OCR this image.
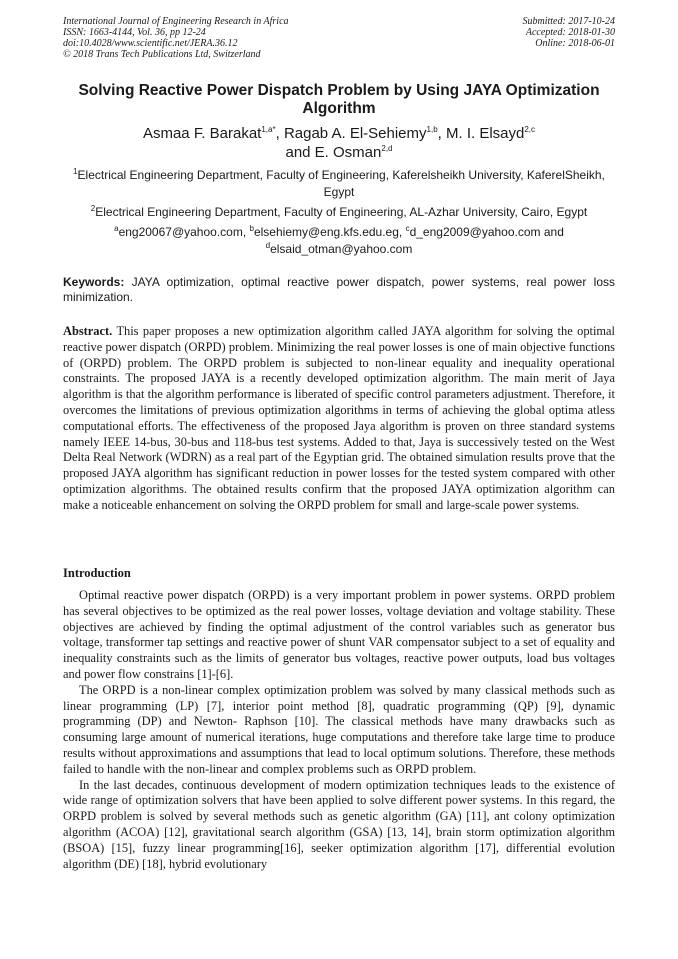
International Journal of Engineering Research in Africa
ISSN: 1663-4144, Vol. 36, pp 12-24
doi:10.4028/www.scientific.net/JERA.36.12
© 2018 Trans Tech Publications Ltd, Switzerland
Submitted: 2017-10-24
Accepted: 2018-01-30
Online: 2018-06-01
Solving Reactive Power Dispatch Problem by Using JAYA Optimization Algorithm
Asmaa F. Barakat$^{1,a*}$, Ragab A. El-Sehiemy$^{1,b}$, M. I. Elsayd$^{2,c}$
and E. Osman$^{2,d}$
$^1$Electrical Engineering Department, Faculty of Engineering, Kaferelsheikh University, KaferelSheikh, Egypt
$^2$Electrical Engineering Department, Faculty of Engineering, AL-Azhar University, Cairo, Egypt
$^a$eng20067@yahoo.com, $^b$elsehiemy@eng.kfs.edu.eg, $^c$d_eng2009@yahoo.com and
$^d$elsaid_otman@yahoo.com
Keywords: JAYA optimization, optimal reactive power dispatch, power systems, real power loss minimization.
Abstract. This paper proposes a new optimization algorithm called JAYA algorithm for solving the optimal reactive power dispatch (ORPD) problem. Minimizing the real power losses is one of main objective functions of (ORPD) problem. The ORPD problem is subjected to non-linear equality and inequality operational constraints. The proposed JAYA is a recently developed optimization algorithm. The main merit of Jaya algorithm is that the algorithm performance is liberated of specific control parameters adjustment. Therefore, it overcomes the limitations of previous optimization algorithms in terms of achieving the global optima atless computational efforts. The effectiveness of the proposed Jaya algorithm is proven on three standard systems namely IEEE 14-bus, 30-bus and 118-bus test systems. Added to that, Jaya is successively tested on the West Delta Real Network (WDRN) as a real part of the Egyptian grid. The obtained simulation results prove that the proposed JAYA algorithm has significant reduction in power losses for the tested system compared with other optimization algorithms. The obtained results confirm that the proposed JAYA optimization algorithm can make a noticeable enhancement on solving the ORPD problem for small and large-scale power systems.
Introduction

Optimal reactive power dispatch (ORPD) is a very important problem in power systems. ORPD problem has several objectives to be optimized as the real power losses, voltage deviation and voltage stability. These objectives are achieved by finding the optimal adjustment of the control variables such as generator bus voltage, transformer tap settings and reactive power of shunt VAR compensator subject to a set of equality and inequality constraints such as the limits of generator bus voltages, reactive power outputs, load bus voltages and power flow constrains [1]-[6].

The ORPD is a non-linear complex optimization problem was solved by many classical methods such as linear programming (LP) [7], interior point method [8], quadratic programming (QP) [9], dynamic programming (DP) and Newton- Raphson [10]. The classical methods have many drawbacks such as consuming large amount of numerical iterations, huge computations and therefore take large time to produce results without approximations and assumptions that lead to local optimum solutions. Therefore, these methods failed to handle with the non-linear and complex problems such as ORPD problem.

In the last decades, continuous development of modern optimization techniques leads to the existence of wide range of optimization solvers that have been applied to solve different power systems. In this regard, the ORPD problem is solved by several methods such as genetic algorithm (GA) [11], ant colony optimization algorithm (ACOA) [12], gravitational search algorithm (GSA) [13, 14], brain storm optimization algorithm (BSOA) [15], fuzzy linear programming[16], seeker optimization algorithm [17], differential evolution algorithm (DE) [18], hybrid evolutionary
